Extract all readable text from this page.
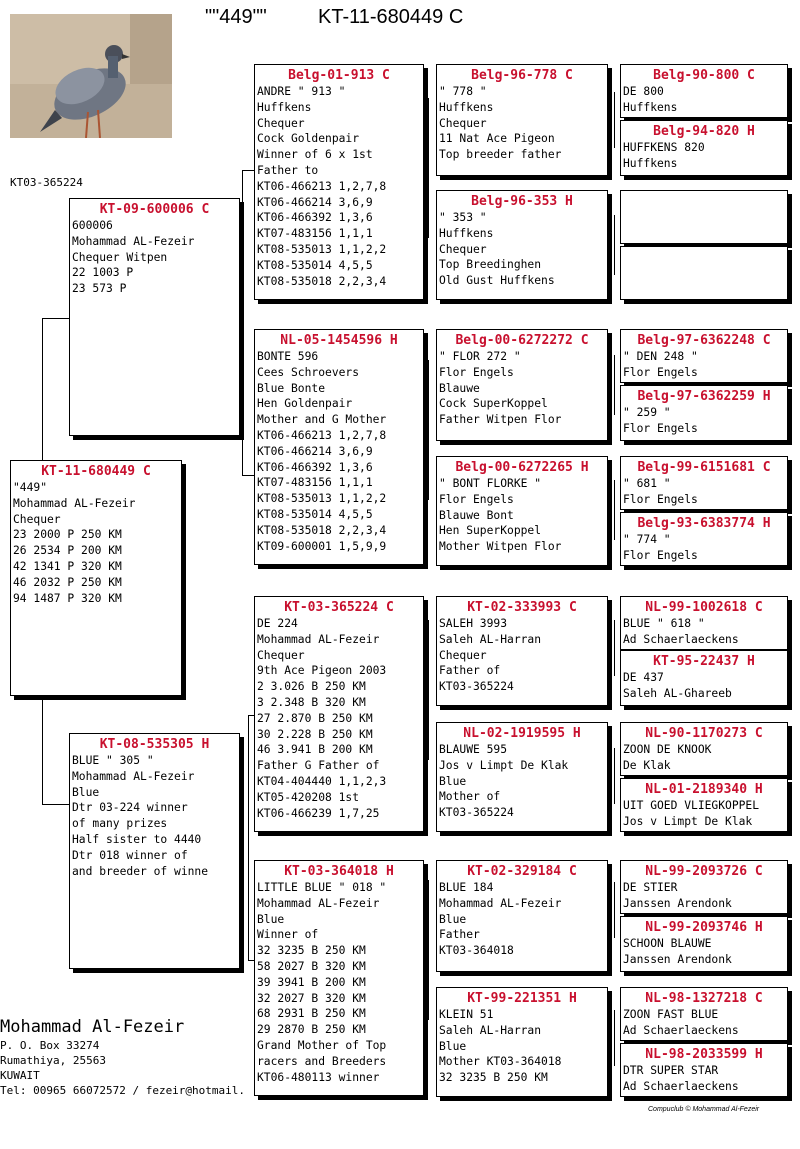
""449""	KT-11-680449 C
KT03-365224
KT-11-680449 C
"449"
Mohammad AL-Fezeir
Chequer
23 2000 P 250 KM
26 2534 P 200 KM
42 1341 P 320 KM
46 2032 P 250 KM
94 1487 P 320 KM
KT-09-600006 C
600006
Mohammad AL-Fezeir
Chequer Witpen
22 1003 P
23 573 P
KT-08-535305 H
BLUE " 305 "
Mohammad AL-Fezeir
Blue
Dtr 03-224 winner
of many prizes
Half sister to 4440
Dtr 018 winner of
and breeder of winne
Belg-01-913 C
ANDRE " 913 "
Huffkens
Chequer
Cock Goldenpair
Winner of 6 x 1st
Father to
KT06-466213 1,2,7,8
KT06-466214 3,6,9
KT06-466392 1,3,6
KT07-483156 1,1,1
KT08-535013 1,1,2,2
KT08-535014 4,5,5
KT08-535018 2,2,3,4
NL-05-1454596 H
BONTE 596
Cees Schroevers
Blue Bonte
Hen Goldenpair
Mother and G Mother
KT06-466213 1,2,7,8
KT06-466214 3,6,9
KT06-466392 1,3,6
KT07-483156 1,1,1
KT08-535013 1,1,2,2
KT08-535014 4,5,5
KT08-535018 2,2,3,4
KT09-600001 1,5,9,9
KT-03-365224 C
DE 224
Mohammad AL-Fezeir
Chequer
9th Ace Pigeon 2003
2 3.026 B 250 KM
3 2.348 B 320 KM
27 2.870 B 250 KM
30 2.228 B 250 KM
46 3.941 B 200 KM
Father G Father of
KT04-404440 1,1,2,3
KT05-420208 1st
KT06-466239 1,7,25
KT-03-364018 H
LITTLE BLUE " 018 "
Mohammad AL-Fezeir
Blue
Winner of
32 3235 B 250 KM
58 2027 B 320 KM
39 3941 B 200 KM
32 2027 B 320 KM
68 2931 B 250 KM
29 2870 B 250 KM
Grand Mother of Top
racers and Breeders
KT06-480113 winner
Belg-96-778 C
" 778 "
Huffkens
Chequer
11 Nat Ace Pigeon
Top breeder father
Belg-96-353 H
" 353 "
Huffkens
Chequer
Top Breedinghen
Old Gust Huffkens
Belg-00-6272272 C
" FLOR 272 "
Flor Engels
Blauwe
Cock SuperKoppel
Father Witpen Flor
Belg-00-6272265 H
" BONT FLORKE "
Flor Engels
Blauwe Bont
Hen SuperKoppel
Mother Witpen Flor
KT-02-333993 C
SALEH 3993
Saleh AL-Harran
Chequer
Father of
KT03-365224
NL-02-1919595 H
BLAUWE 595
Jos v Limpt De Klak
Blue
Mother of
KT03-365224
KT-02-329184 C
BLUE 184
Mohammad AL-Fezeir
Blue
Father
KT03-364018
KT-99-221351 H
KLEIN 51
Saleh AL-Harran
Blue
Mother KT03-364018
32 3235 B 250 KM
Belg-90-800 C
DE 800
Huffkens
Belg-94-820 H
HUFFKENS 820
Huffkens
Belg-97-6362248 C
" DEN 248 "
Flor Engels
Belg-97-6362259 H
" 259 "
Flor Engels
Belg-99-6151681 C
" 681 "
Flor Engels
Belg-93-6383774 H
" 774 "
Flor Engels
NL-99-1002618 C
BLUE " 618 "
Ad Schaerlaeckens
KT-95-22437 H
DE 437
Saleh AL-Ghareeb
NL-90-1170273 C
ZOON DE KNOOK
De Klak
NL-01-2189340 H
UIT GOED VLIEGKOPPEL
Jos v Limpt De Klak
NL-99-2093726 C
DE STIER
Janssen Arendonk
NL-99-2093746 H
SCHOON BLAUWE
Janssen Arendonk
NL-98-1327218 C
ZOON FAST BLUE
Ad Schaerlaeckens
NL-98-2033599 H
DTR SUPER STAR
Ad Schaerlaeckens
Mohammad Al-Fezeir
P. O. Box 33274
Rumathiya, 25563
KUWAIT
Tel: 00965 66072572 / fezeir@hotmail.
Compuclub © Mohammad Al-Fezeir
